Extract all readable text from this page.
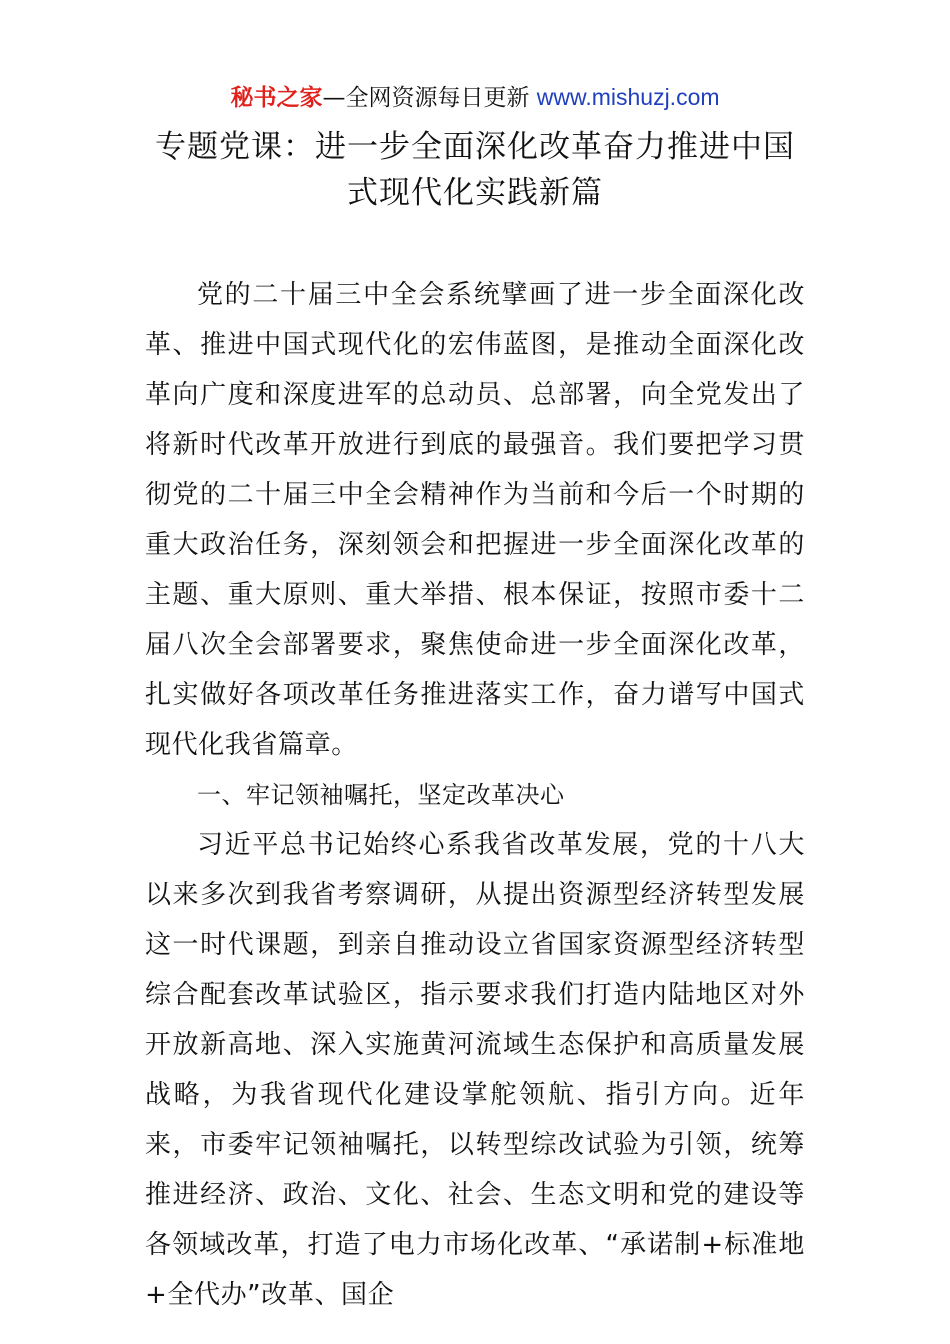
秘书之家—全网资源每日更新 www.mishuzj.com
专题党课：进一步全面深化改革奋力推进中国式现代化实践新篇

党的二十届三中全会系统擘画了进一步全面深化改革、推进中国式现代化的宏伟蓝图，是推动全面深化改革向广度和深度进军的总动员、总部署，向全党发出了将新时代改革开放进行到底的最强音。我们要把学习贯彻党的二十届三中全会精神作为当前和今后一个时期的重大政治任务，深刻领会和把握进一步全面深化改革的主题、重大原则、重大举措、根本保证，按照市委十二届八次全会部署要求，聚焦使命进一步全面深化改革，扎实做好各项改革任务推进落实工作，奋力谱写中国式现代化我省篇章。

一、牢记领袖嘱托，坚定改革决心

习近平总书记始终心系我省改革发展，党的十八大以来多次到我省考察调研，从提出资源型经济转型发展这一时代课题，到亲自推动设立省国家资源型经济转型综合配套改革试验区，指示要求我们打造内陆地区对外开放新高地、深入实施黄河流域生态保护和高质量发展战略，为我省现代化建设掌舵领航、指引方向。近年来，市委牢记领袖嘱托，以转型综改试验为引领，统筹推进经济、政治、文化、社会、生态文明和党的建设等各领域改革，打造了电力市场化改革、“承诺制+标准地+全代办”改革、国企
